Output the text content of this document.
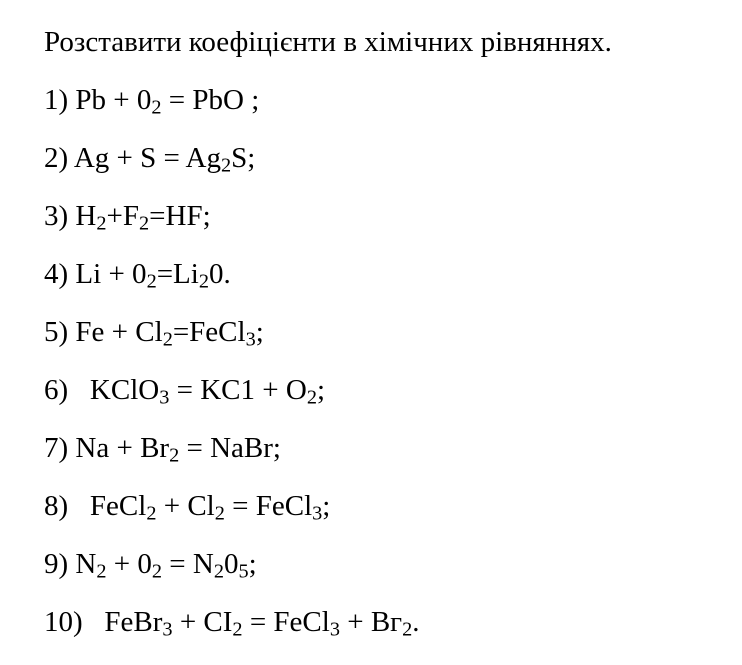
Розставити коефіцієнти в хімічних рівняннях.
1) $Pb + 0_2$ = PbO ;
2) $Ag + S = Ag_2S$;
3) $H_2+F_2=HF$;
4) $Li + 0_2=Li_20$.
5) $Fe + Cl_2=FeCl_3$;
6)   KClO$_3$ = $KC1 + O_2$;
7) $Na + Br_2$ = NaBr;
8)   FeCl$_2$ + $Cl_2$ = FeCl$_3$;
9) $N_2 + 0_2 = N_20_5$;
10)   FeBr$_3$ + $CI_2$ = FeCl$_3$ + $Вг_2$.
